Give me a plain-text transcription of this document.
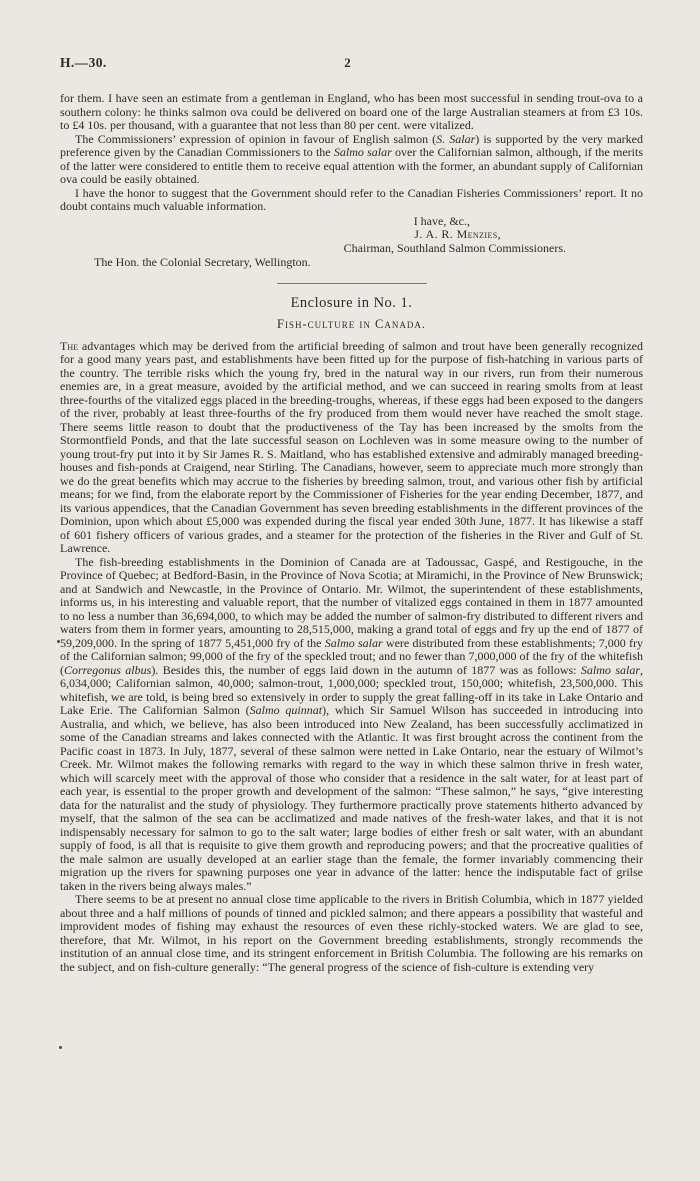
H.—30.	2

for them. I have seen an estimate from a gentleman in England, who has been most successful in sending trout-ova to a southern colony: he thinks salmon ova could be delivered on board one of the large Australian steamers at from £3 10s. to £4 10s. per thousand, with a guarantee that not less than 80 per cent. were vitalized.

The Commissioners’ expression of opinion in favour of English salmon (S. Salar) is supported by the very marked preference given by the Canadian Commissioners to the Salmo salar over the Californian salmon, although, if the merits of the latter were considered to entitle them to receive equal attention with the former, an abundant supply of Californian ova could be easily obtained.

I have the honor to suggest that the Government should refer to the Canadian Fisheries Commissioners’ report. It no doubt contains much valuable information.

I have, &c.,
J. A. R. Menzies,
Chairman, Southland Salmon Commissioners.
The Hon. the Colonial Secretary, Wellington.
Enclosure in No. 1.
Fish-culture in Canada.

The advantages which may be derived from the artificial breeding of salmon and trout have been generally recognized for a good many years past, and establishments have been fitted up for the purpose of fish-hatching in various parts of the country. The terrible risks which the young fry, bred in the natural way in our rivers, run from their numerous enemies are, in a great measure, avoided by the artificial method, and we can succeed in rearing smolts from at least three-fourths of the vitalized eggs placed in the breeding-troughs, whereas, if these eggs had been exposed to the dangers of the river, probably at least three-fourths of the fry produced from them would never have reached the smolt stage. There seems little reason to doubt that the productiveness of the Tay has been increased by the smolts from the Stormontfield Ponds, and that the late successful season on Lochleven was in some measure owing to the number of young trout-fry put into it by Sir James R. S. Maitland, who has established extensive and admirably managed breeding-houses and fish-ponds at Craigend, near Stirling. The Canadians, however, seem to appreciate much more strongly than we do the great benefits which may accrue to the fisheries by breeding salmon, trout, and various other fish by artificial means; for we find, from the elaborate report by the Commissioner of Fisheries for the year ending December, 1877, and its various appendices, that the Canadian Government has seven breeding establishments in the different provinces of the Dominion, upon which about £5,000 was expended during the fiscal year ended 30th June, 1877. It has likewise a staff of 601 fishery officers of various grades, and a steamer for the protection of the fisheries in the River and Gulf of St. Lawrence.

The fish-breeding establishments in the Dominion of Canada are at Tadoussac, Gaspé, and Restigouche, in the Province of Quebec; at Bedford-Basin, in the Province of Nova Scotia; at Miramichi, in the Province of New Brunswick; and at Sandwich and Newcastle, in the Province of Ontario. Mr. Wilmot, the superintendent of these establishments, informs us, in his interesting and valuable report, that the number of vitalized eggs contained in them in 1877 amounted to no less a number than 36,694,000, to which may be added the number of salmon-fry distributed to different rivers and waters from them in former years, amounting to 28,515,000, making a grand total of eggs and fry up the end of 1877 of 59,209,000. In the spring of 1877 5,451,000 fry of the Salmo salar were distributed from these establishments; 7,000 fry of the Californian salmon; 99,000 of the fry of the speckled trout; and no fewer than 7,000,000 of the fry of the whitefish (Corregonus albus). Besides this, the number of eggs laid down in the autumn of 1877 was as follows: Salmo salar, 6,034,000; Californian salmon, 40,000; salmon-trout, 1,000,000; speckled trout, 150,000; whitefish, 23,500,000. This whitefish, we are told, is being bred so extensively in order to supply the great falling-off in its take in Lake Ontario and Lake Erie. The Californian Salmon (Salmo quinnat), which Sir Samuel Wilson has succeeded in introducing into Australia, and which, we believe, has also been introduced into New Zealand, has been successfully acclimatized in some of the Canadian streams and lakes connected with the Atlantic. It was first brought across the continent from the Pacific coast in 1873. In July, 1877, several of these salmon were netted in Lake Ontario, near the estuary of Wilmot’s Creek. Mr. Wilmot makes the following remarks with regard to the way in which these salmon thrive in fresh water, which will scarcely meet with the approval of those who consider that a residence in the salt water, for at least part of each year, is essential to the proper growth and development of the salmon: “These salmon,” he says, “give interesting data for the naturalist and the study of physiology. They furthermore practically prove statements hitherto advanced by myself, that the salmon of the sea can be acclimatized and made natives of the fresh-water lakes, and that it is not indispensably necessary for salmon to go to the salt water; large bodies of either fresh or salt water, with an abundant supply of food, is all that is requisite to give them growth and reproducing powers; and that the procreative qualities of the male salmon are usually developed at an earlier stage than the female, the former invariably commencing their migration up the rivers for spawning purposes one year in advance of the latter: hence the indisputable fact of grilse taken in the rivers being always males.”

There seems to be at present no annual close time applicable to the rivers in British Columbia, which in 1877 yielded about three and a half millions of pounds of tinned and pickled salmon; and there appears a possibility that wasteful and improvident modes of fishing may exhaust the resources of even these richly-stocked waters. We are glad to see, therefore, that Mr. Wilmot, in his report on the Government breeding establishments, strongly recommends the institution of an annual close time, and its stringent enforcement in British Columbia. The following are his remarks on the subject, and on fish-culture generally: “The general progress of the science of fish-culture is extending very
